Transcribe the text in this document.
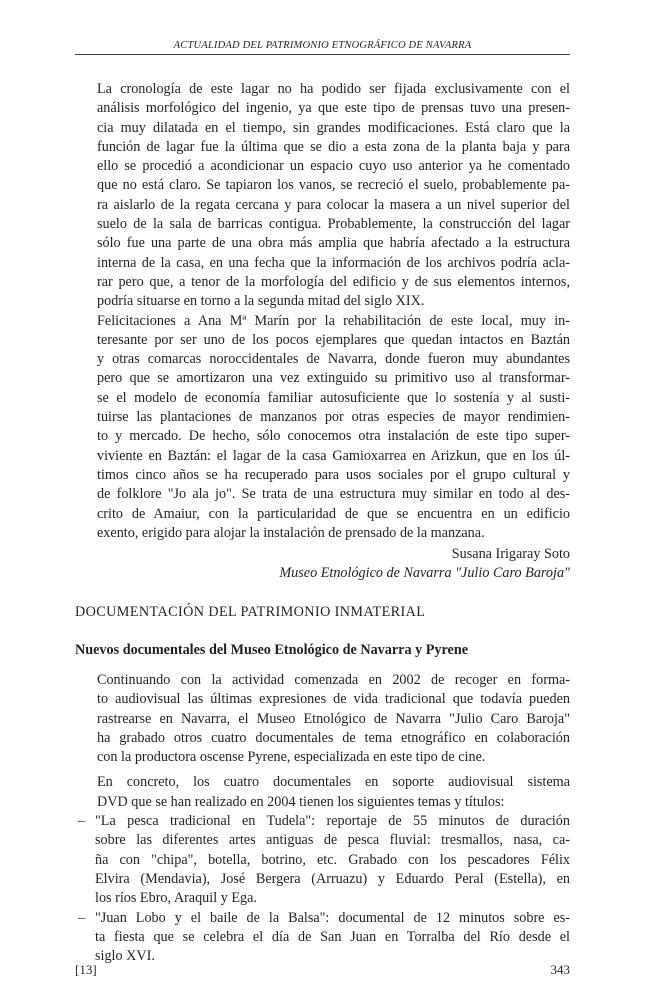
ACTUALIDAD DEL PATRIMONIO ETNOGRÁFICO DE NAVARRA

La cronología de este lagar no ha podido ser fijada exclusivamente con el
análisis morfológico del ingenio, ya que este tipo de prensas tuvo una presen-
cia muy dilatada en el tiempo, sin grandes modificaciones. Está claro que la
función de lagar fue la última que se dio a esta zona de la planta baja y para
ello se procedió a acondicionar un espacio cuyo uso anterior ya he comentado
que no está claro. Se tapiaron los vanos, se recreció el suelo, probablemente pa-
ra aislarlo de la regata cercana y para colocar la masera a un nivel superior del
suelo de la sala de barricas contigua. Probablemente, la construcción del lagar
sólo fue una parte de una obra más amplia que habría afectado a la estructura
interna de la casa, en una fecha que la información de los archivos podría acla-
rar pero que, a tenor de la morfología del edificio y de sus elementos internos,
podría situarse en torno a la segunda mitad del siglo XIX.

Felicitaciones a Ana Mª Marín por la rehabilitación de este local, muy in-
teresante por ser uno de los pocos ejemplares que quedan intactos en Baztán
y otras comarcas noroccidentales de Navarra, donde fueron muy abundantes
pero que se amortizaron una vez extinguido su primitivo uso al transformar-
se el modelo de economía familiar autosuficiente que lo sostenía y al susti-
tuirse las plantaciones de manzanos por otras especies de mayor rendimien-
to y mercado. De hecho, sólo conocemos otra instalación de este tipo super-
viviente en Baztán: el lagar de la casa Gamioxarrea en Arizkun, que en los úl-
timos cinco años se ha recuperado para usos sociales por el grupo cultural y
de folklore "Jo ala jo". Se trata de una estructura muy similar en todo al des-
crito de Amaiur, con la particularidad de que se encuentra en un edificio
exento, erigido para alojar la instalación de prensado de la manzana.

Susana Irigaray Soto
Museo Etnológico de Navarra "Julio Caro Baroja"
DOCUMENTACIÓN DEL PATRIMONIO INMATERIAL
Nuevos documentales del Museo Etnológico de Navarra y Pyrene

Continuando con la actividad comenzada en 2002 de recoger en forma-
to audiovisual las últimas expresiones de vida tradicional que todavía pueden
rastrearse en Navarra, el Museo Etnológico de Navarra "Julio Caro Baroja"
ha grabado otros cuatro documentales de tema etnográfico en colaboración
con la productora oscense Pyrene, especializada en este tipo de cine.

En concreto, los cuatro documentales en soporte audiovisual sistema
DVD que se han realizado en 2004 tienen los siguientes temas y títulos:

– "La pesca tradicional en Tudela": reportaje de 55 minutos de duración
sobre las diferentes artes antiguas de pesca fluvial: tresmallos, nasa, ca-
ña con "chipa", botella, botrino, etc. Grabado con los pescadores Félix
Elvira (Mendavia), José Bergera (Arruazu) y Eduardo Peral (Estella), en
los ríos Ebro, Araquil y Ega.
– "Juan Lobo y el baile de la Balsa": documental de 12 minutos sobre es-
ta fiesta que se celebra el día de San Juan en Torralba del Río desde el
siglo XVI.
[13]	343
